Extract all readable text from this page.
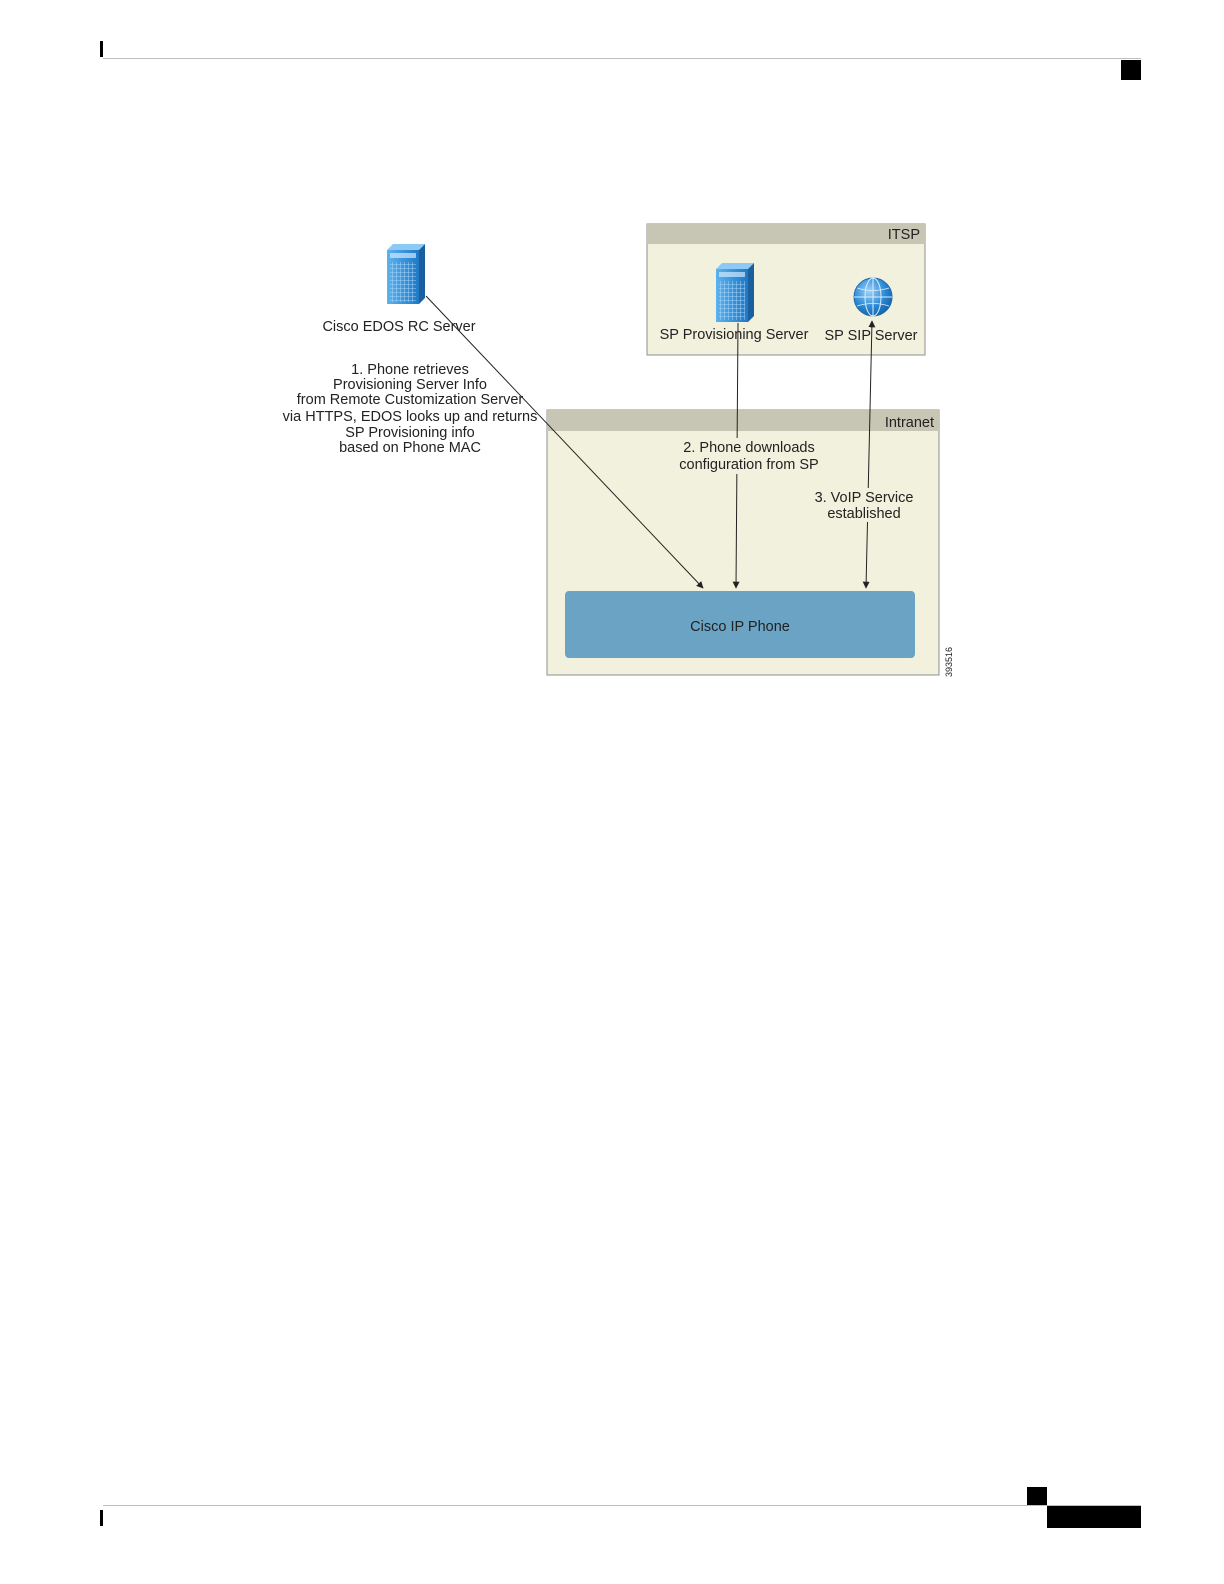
ITSP
Intranet
Cisco IP Phone
Cisco EDOS RC Server	SP Provisioning Server SP SIP Server
1. Phone retrieves
Provisioning Server Info
from Remote Customization Server
via HTTPS, EDOS looks up and returns
SP Provisioning info
based on Phone MAC	2. Phone downloads
configuration from SP
3. VoIP Service
established
393516
